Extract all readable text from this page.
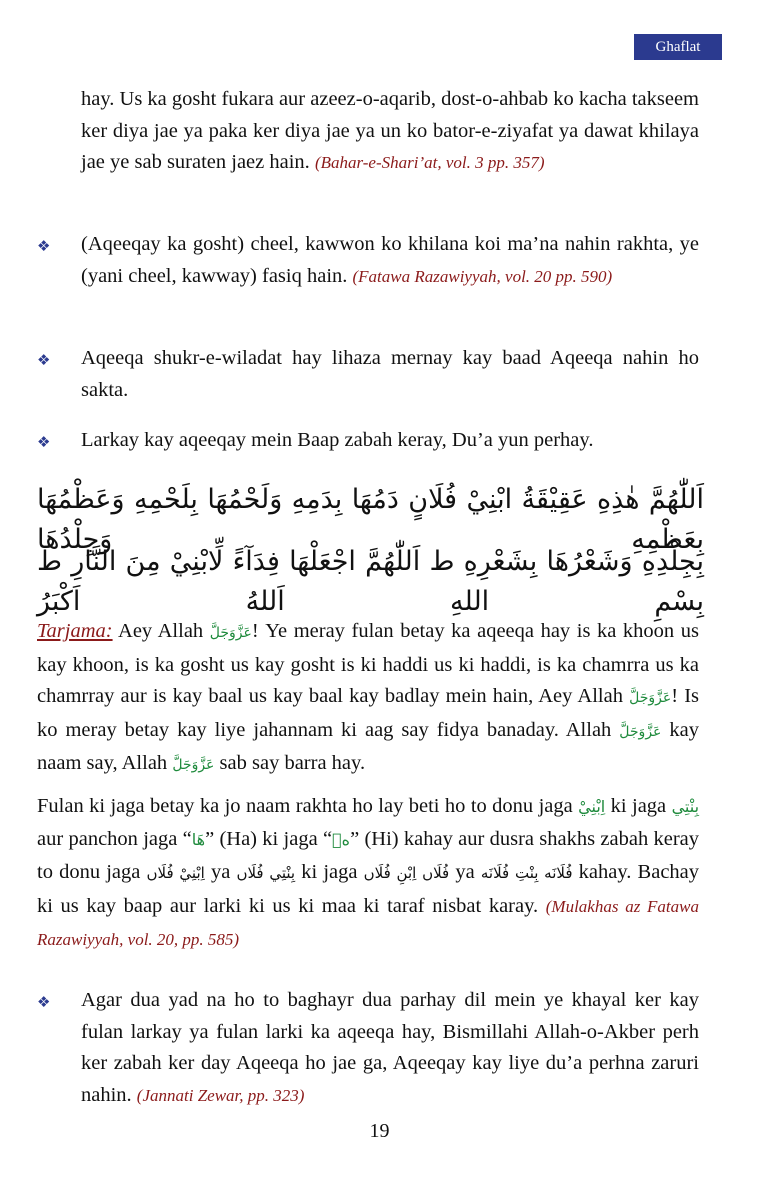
Ghaflat
hay. Us ka gosht fukara aur azeez-o-aqarib, dost-o-ahbab ko kacha takseem ker diya jae ya paka ker diya jae ya un ko bator-e-ziyafat ya dawat khilaya jae ye sab suraten jaez hain. (Bahar-e-Shari’at, vol. 3 pp. 357)
❖ (Aqeeqay ka gosht) cheel, kawwon ko khilana koi ma’na nahin rakhta, ye (yani cheel, kawway) fasiq hain. (Fatawa Razawiyyah, vol. 20 pp. 590)
❖ Aqeeqa shukr-e-wiladat hay lihaza mernay kay baad Aqeeqa nahin ho sakta.
❖ Larkay kay aqeeqay mein Baap zabah keray, Du’a yun perhay.
اَللّٰهُمَّ هٰذِهِ عَقِيْقَةُ ابْنِيْ فُلَانٍ دَمُهَا بِدَمِهِ وَلَحْمُهَا بِلَحْمِهِ وَعَظْمُهَا بِعَظْمِهِ وَجِلْدُهَا
بِجِلْدِهِ وَشَعْرُهَا بِشَعْرِهِ ط اَللّٰهُمَّ اجْعَلْهَا فِدَآءً لِّابْنِيْ مِنَ النَّارِ ط بِسْمِ اللهِ اَللهُ اَكْبَرُ
Tarjama: Aey Allah عَزَّوَجَلَّ! Ye meray fulan betay ka aqeeqa hay is ka khoon us kay khoon, is ka gosht us kay gosht is ki haddi us ki haddi, is ka chamrra us ka chamrray aur is kay baal us kay baal kay badlay mein hain, Aey Allah عَزَّوَجَلَّ! Is ko meray betay kay liye jahannam ki aag say fidya banaday. Allah عَزَّوَجَلَّ kay naam say, Allah عَزَّوَجَلَّ sab say barra hay.
Fulan ki jaga betay ka jo naam rakhta ho lay beti ho to donu jaga اِبْنِيْ ki jaga بِنْتِي aur panchon jaga “هَا” (Ha) ki jaga “هٖ” (Hi) kahay aur dusra shakhs zabah keray to donu jaga اِبْنِيْ فُلَاں ya بِنْتِي فُلَاں ki jaga فُلَاں اِبْنِ فُلَاں ya فُلَانَه بِنْتِ فُلَانَه kahay. Bachay ki us kay baap aur larki ki us ki maa ki taraf nisbat karay. (Mulakhas az Fatawa Razawiyyah, vol. 20, pp. 585)
❖ Agar dua yad na ho to baghayr dua parhay dil mein ye khayal ker kay fulan larkay ya fulan larki ka aqeeqa hay, Bismillahi Allah-o-Akber perh ker zabah ker day Aqeeqa ho jae ga, Aqeeqay kay liye du’a perhna zaruri nahin. (Jannati Zewar, pp. 323)
19
